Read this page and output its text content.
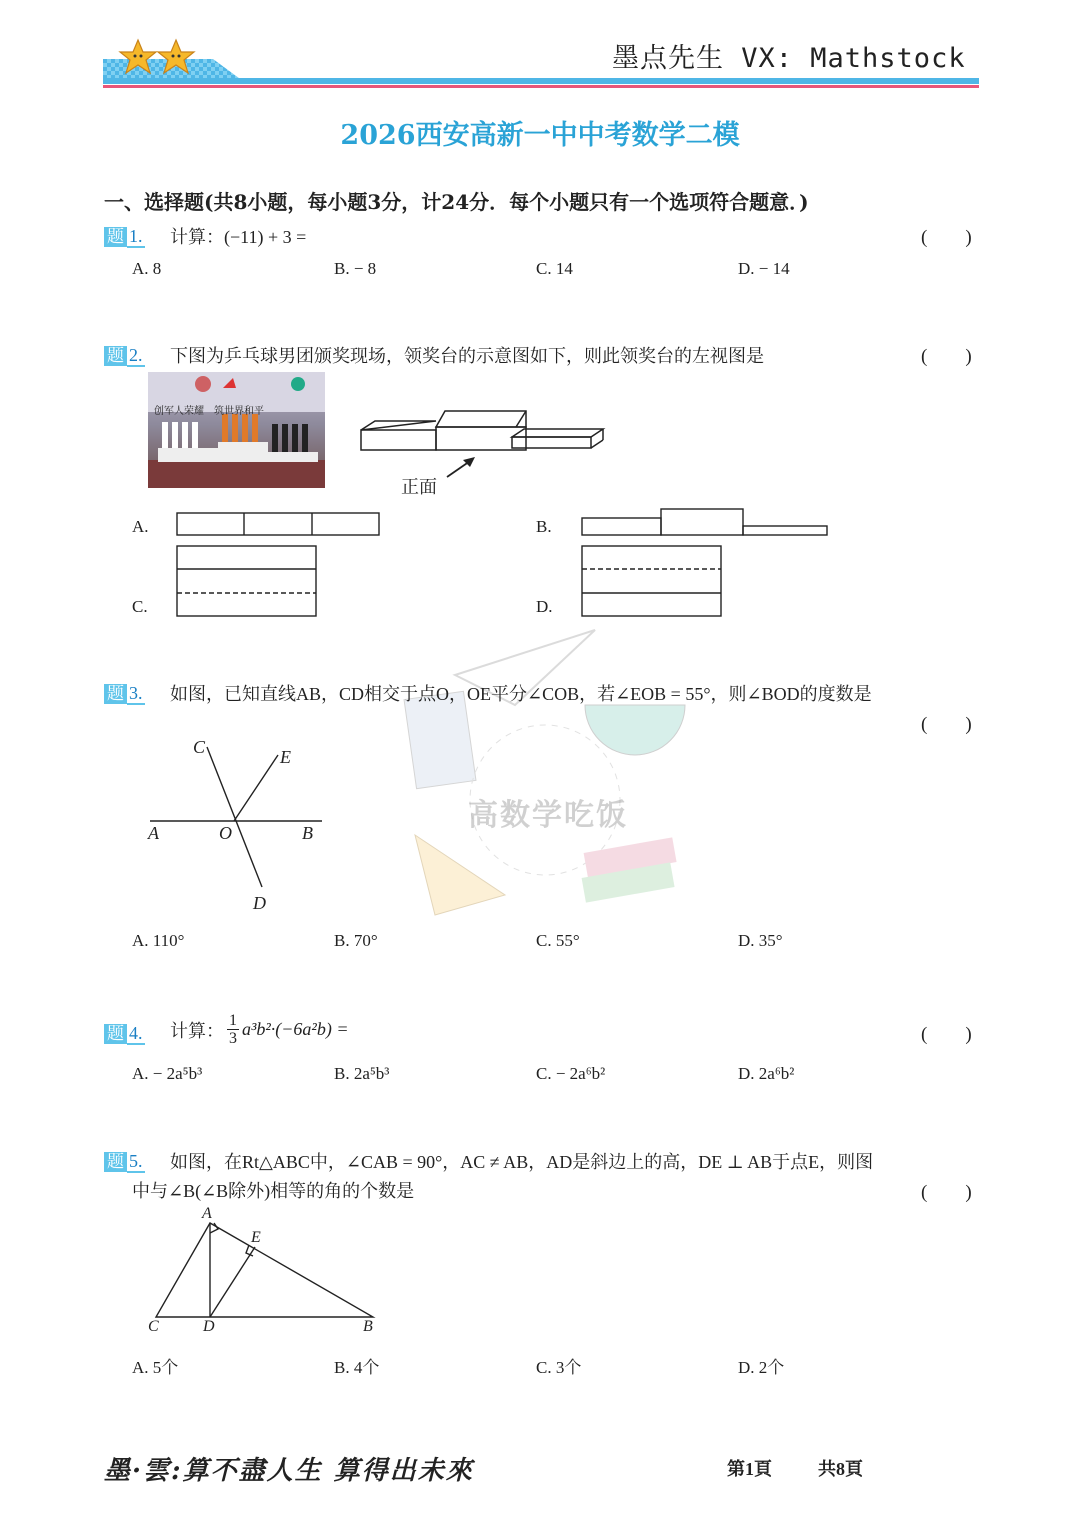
墨点先生 VX: Mathstock
2026西安高新一中中考数学二模
一、选择题(共8小题，每小题3分，计24分．每个小题只有一个选项符合题意．)
高数学吃饭
题 1. 计算：(−11) + 3 =	(　　)
A. 8	B. − 8	C. 14	D. − 14
题 2. 下图为乒乓球男团颁奖现场，领奖台的示意图如下，则此领奖台的左视图是	(　　)
创军人荣耀　筑世界和平
正面
A.	B.
C.	D.
题 3. 如图，已知直线AB，CD相交于点O，OE平分∠COB，若∠EOB = 55°，则∠BOD的度数是
(　　)
C	E
A	O	B
D
A. 110°	B. 70°	C. 55°	D. 35°
题 4. 计算： $\frac{1}{3} a^3b^2\cdot(-6a^2b)$ =	(　　)
A. − 2a⁵b³	B. 2a⁵b³	C. − 2a⁶b²	D. 2a⁶b²
题 5. 如图，在Rt△ABC中，∠CAB = 90°，AC ≠ AB，AD是斜边上的高，DE ⊥ AB于点E，则图
中与∠B(∠B除外)相等的角的个数是	(　　)
A
E
C	D	B
A. 5个	B. 4个	C. 3个	D. 2个
墨·雲:算不盡人生 算得出未來	第1頁	共8頁
